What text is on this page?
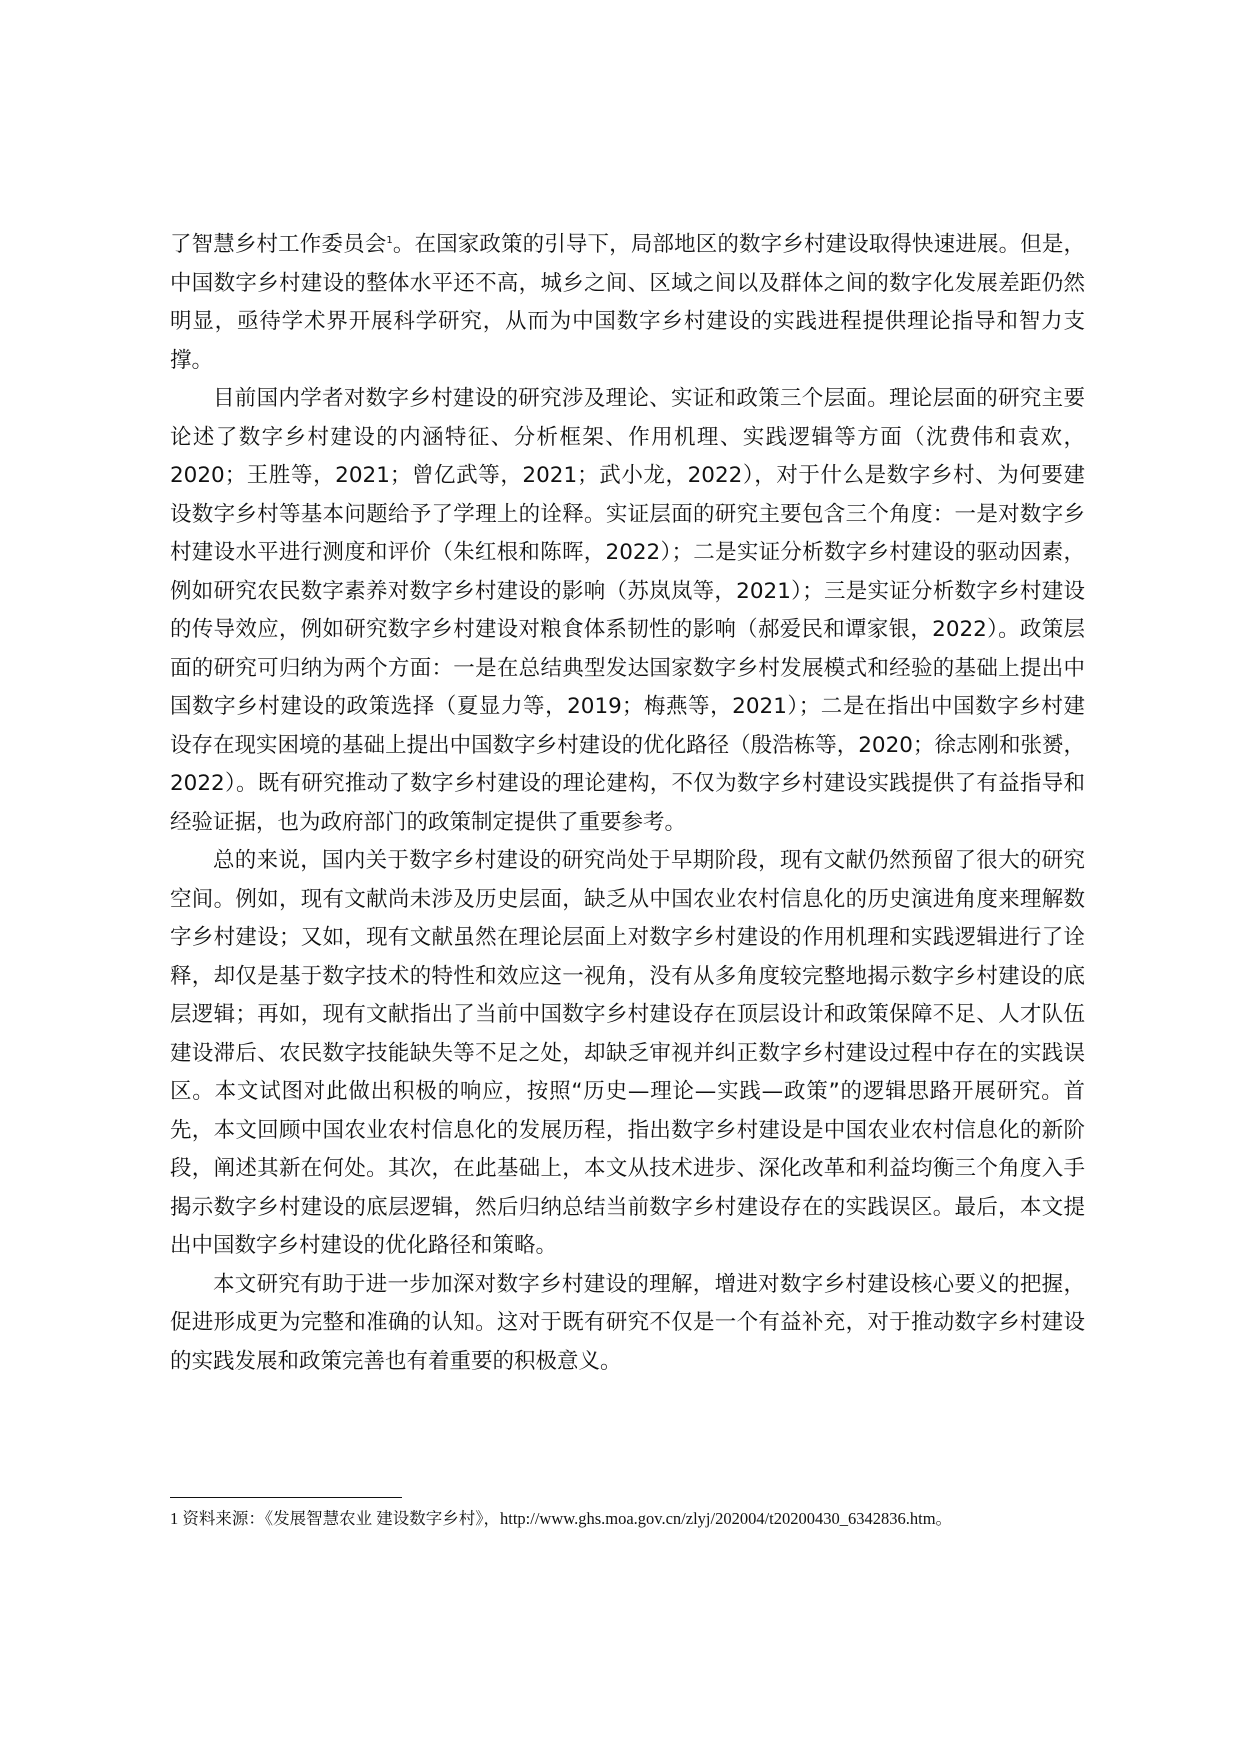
了智慧乡村工作委员会$^1$。在国家政策的引导下，局部地区的数字乡村建设取得快速进展。但是，中国数字乡村建设的整体水平还不高，城乡之间、区域之间以及群体之间的数字化发展差距仍然明显，亟待学术界开展科学研究，从而为中国数字乡村建设的实践进程提供理论指导和智力支撑。

目前国内学者对数字乡村建设的研究涉及理论、实证和政策三个层面。理论层面的研究主要论述了数字乡村建设的内涵特征、分析框架、作用机理、实践逻辑等方面（沈费伟和袁欢，2020；王胜等，2021；曾亿武等，2021；武小龙，2022），对于什么是数字乡村、为何要建设数字乡村等基本问题给予了学理上的诠释。实证层面的研究主要包含三个角度：一是对数字乡村建设水平进行测度和评价（朱红根和陈晖，2022）；二是实证分析数字乡村建设的驱动因素，例如研究农民数字素养对数字乡村建设的影响（苏岚岚等，2021）；三是实证分析数字乡村建设的传导效应，例如研究数字乡村建设对粮食体系韧性的影响（郝爱民和谭家银，2022）。政策层面的研究可归纳为两个方面：一是在总结典型发达国家数字乡村发展模式和经验的基础上提出中国数字乡村建设的政策选择（夏显力等，2019；梅燕等，2021）；二是在指出中国数字乡村建设存在现实困境的基础上提出中国数字乡村建设的优化路径（殷浩栋等，2020；徐志刚和张赟，2022）。既有研究推动了数字乡村建设的理论建构，不仅为数字乡村建设实践提供了有益指导和经验证据，也为政府部门的政策制定提供了重要参考。

总的来说，国内关于数字乡村建设的研究尚处于早期阶段，现有文献仍然预留了很大的研究空间。例如，现有文献尚未涉及历史层面，缺乏从中国农业农村信息化的历史演进角度来理解数字乡村建设；又如，现有文献虽然在理论层面上对数字乡村建设的作用机理和实践逻辑进行了诠释，却仅是基于数字技术的特性和效应这一视角，没有从多角度较完整地揭示数字乡村建设的底层逻辑；再如，现有文献指出了当前中国数字乡村建设存在顶层设计和政策保障不足、人才队伍建设滞后、农民数字技能缺失等不足之处，却缺乏审视并纠正数字乡村建设过程中存在的实践误区。本文试图对此做出积极的响应，按照“历史—理论—实践—政策”的逻辑思路开展研究。首先，本文回顾中国农业农村信息化的发展历程，指出数字乡村建设是中国农业农村信息化的新阶段，阐述其新在何处。其次，在此基础上，本文从技术进步、深化改革和利益均衡三个角度入手揭示数字乡村建设的底层逻辑，然后归纳总结当前数字乡村建设存在的实践误区。最后，本文提出中国数字乡村建设的优化路径和策略。

本文研究有助于进一步加深对数字乡村建设的理解，增进对数字乡村建设核心要义的把握，促进形成更为完整和准确的认知。这对于既有研究不仅是一个有益补充，对于推动数字乡村建设的实践发展和政策完善也有着重要的积极意义。

1 资料来源：《发展智慧农业 建设数字乡村》，http://www.ghs.moa.gov.cn/zlyj/202004/t20200430_6342836.htm。
